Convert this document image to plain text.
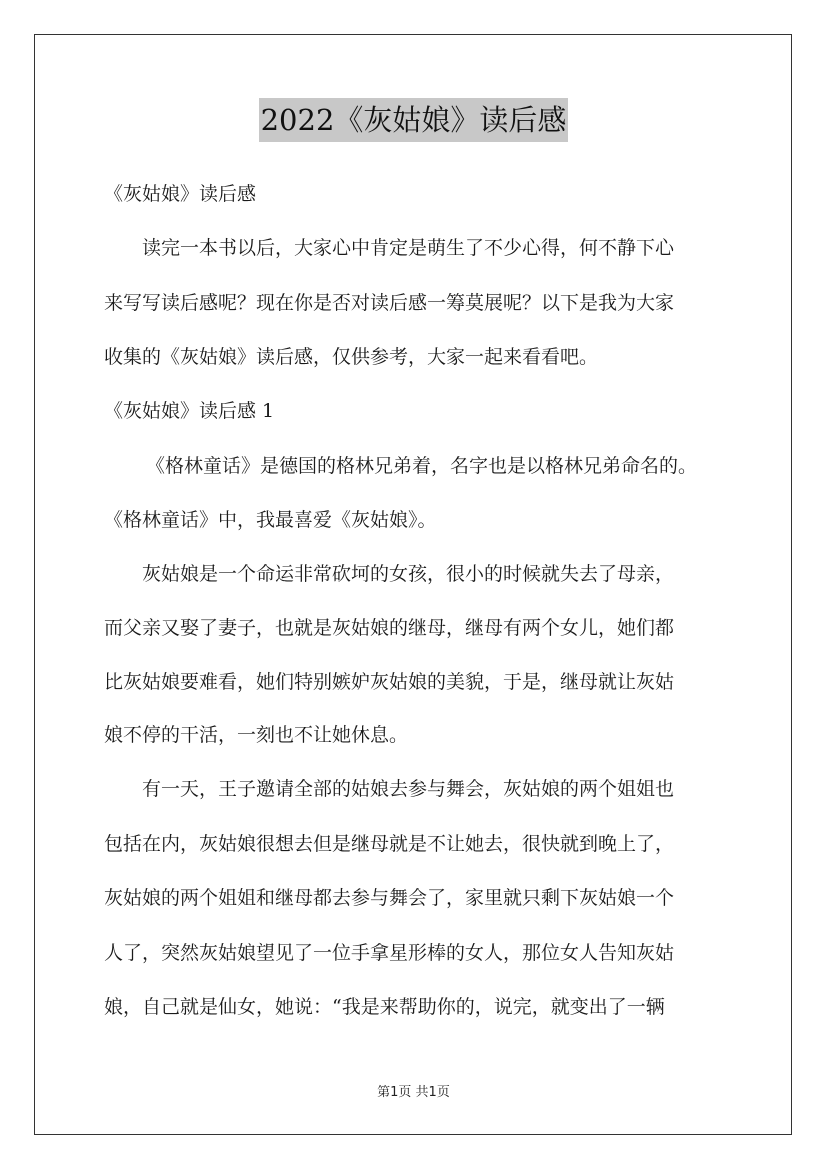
2022《灰姑娘》读后感
《灰姑娘》读后感
读完一本书以后，大家心中肯定是萌生了不少心得，何不静下心
来写写读后感呢？现在你是否对读后感一筹莫展呢？以下是我为大家
收集的《灰姑娘》读后感，仅供参考，大家一起来看看吧。
《灰姑娘》读后感 1
《格林童话》是德国的格林兄弟着，名字也是以格林兄弟命名的。
《格林童话》中，我最喜爱《灰姑娘》。
灰姑娘是一个命运非常砍坷的女孩，很小的时候就失去了母亲，
而父亲又娶了妻子，也就是灰姑娘的继母，继母有两个女儿，她们都
比灰姑娘要难看，她们特别嫉妒灰姑娘的美貌，于是，继母就让灰姑
娘不停的干活，一刻也不让她休息。
有一天，王子邀请全部的姑娘去参与舞会，灰姑娘的两个姐姐也
包括在内，灰姑娘很想去但是继母就是不让她去，很快就到晚上了，
灰姑娘的两个姐姐和继母都去参与舞会了，家里就只剩下灰姑娘一个
人了，突然灰姑娘望见了一位手拿星形棒的女人，那位女人告知灰姑
娘，自己就是仙女，她说：“我是来帮助你的，说完，就变出了一辆
第1页 共1页
